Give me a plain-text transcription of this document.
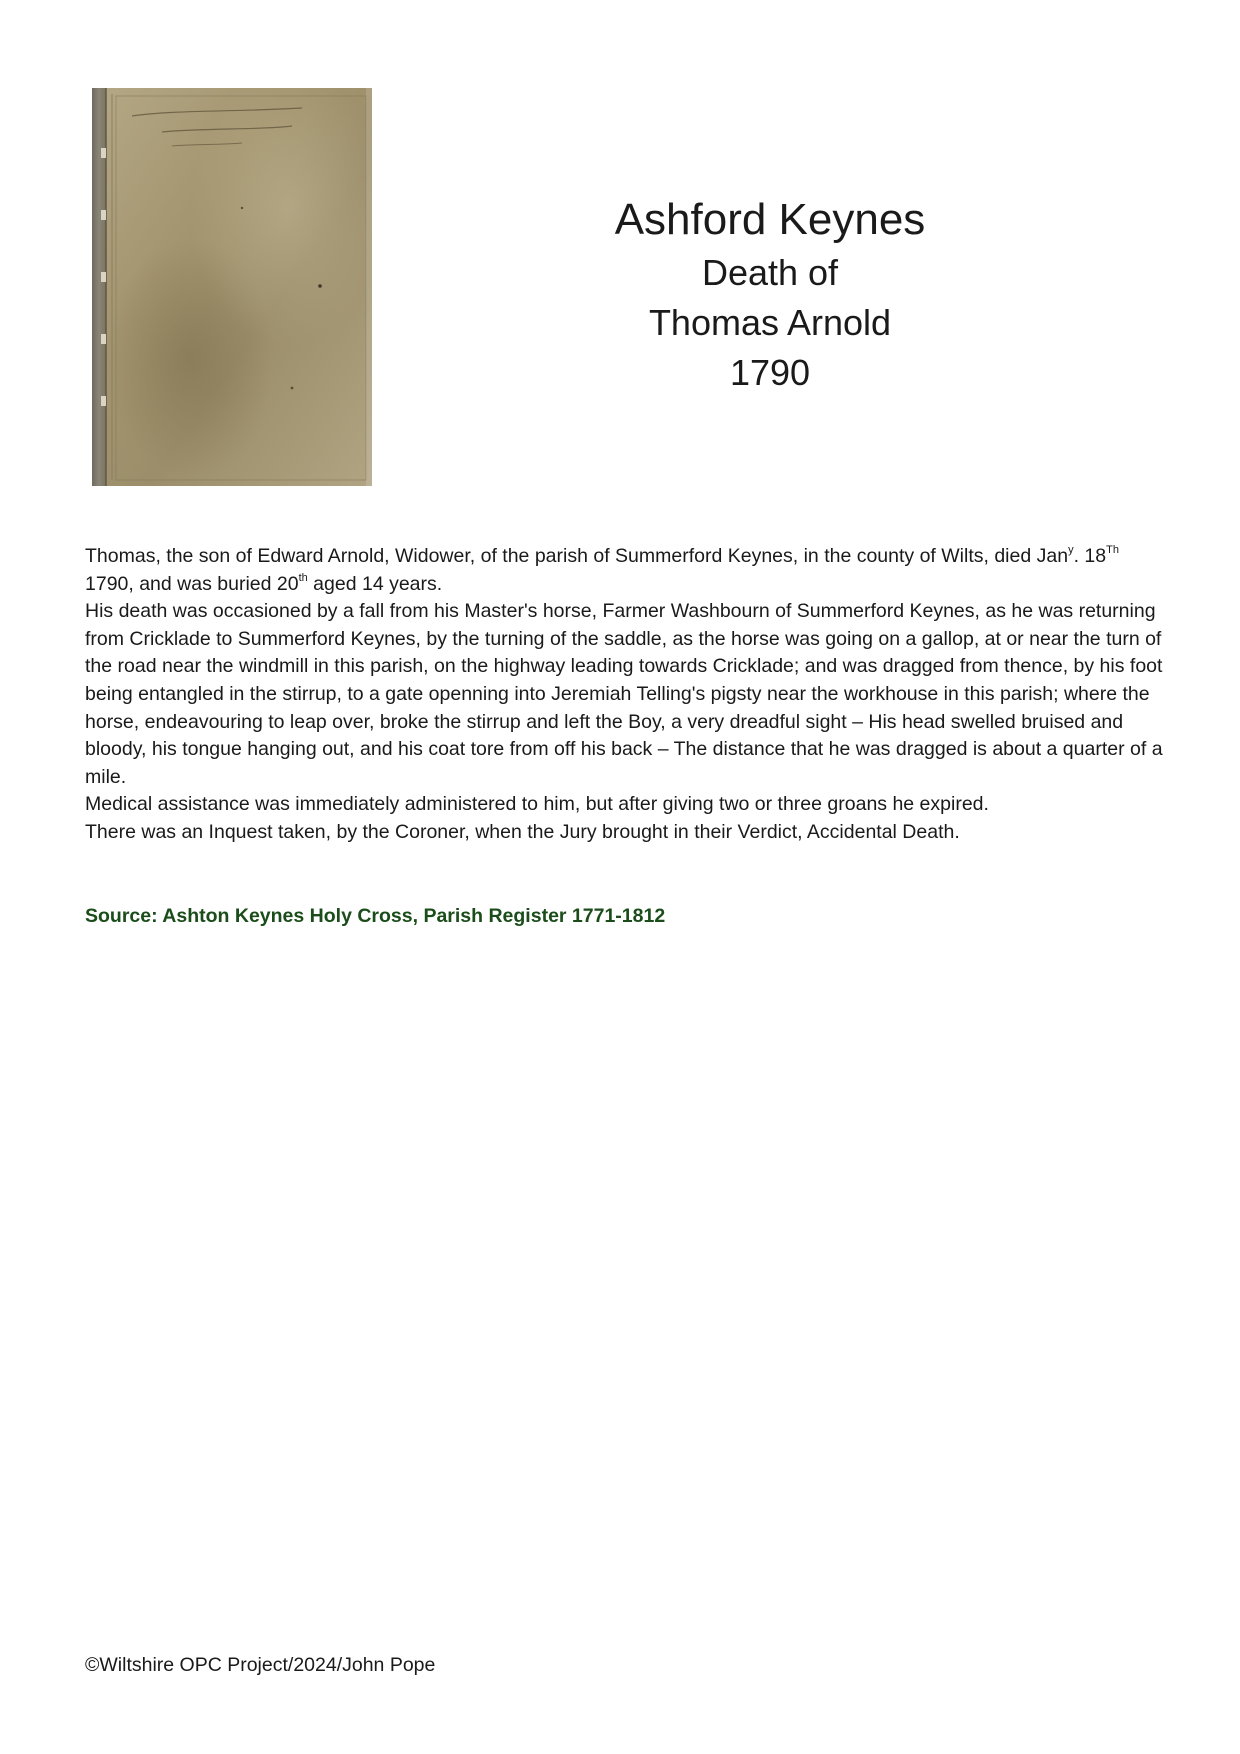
Ashford Keynes
Death of
Thomas Arnold
1790

Thomas, the son of Edward Arnold, Widower, of the parish of Summerford Keynes, in the county of Wilts, died Jan$^y$. 18Th 1790, and was buried 20th aged 14 years.

His death was occasioned by a fall from his Master's horse, Farmer Washbourn of Summerford Keynes, as he was returning from Cricklade to Summerford Keynes, by the turning of the saddle, as the horse was going on a gallop, at or near the turn of the road near the windmill in this parish, on the highway leading towards Cricklade; and was dragged from thence, by his foot being entangled in the stirrup, to a gate openning into Jeremiah Telling's pigsty near the workhouse in this parish; where the horse, endeavouring to leap over, broke the stirrup and left the Boy, a very dreadful sight – His head swelled bruised and bloody, his tongue hanging out, and his coat tore from off his back – The distance that he was dragged is about a quarter of a mile.

Medical assistance was immediately administered to him, but after giving two or three groans he expired.

There was an Inquest taken, by the Coroner, when the Jury brought in their Verdict, Accidental Death.

Source: Ashton Keynes Holy Cross, Parish Register 1771-1812
©Wiltshire OPC Project/2024/John Pope
